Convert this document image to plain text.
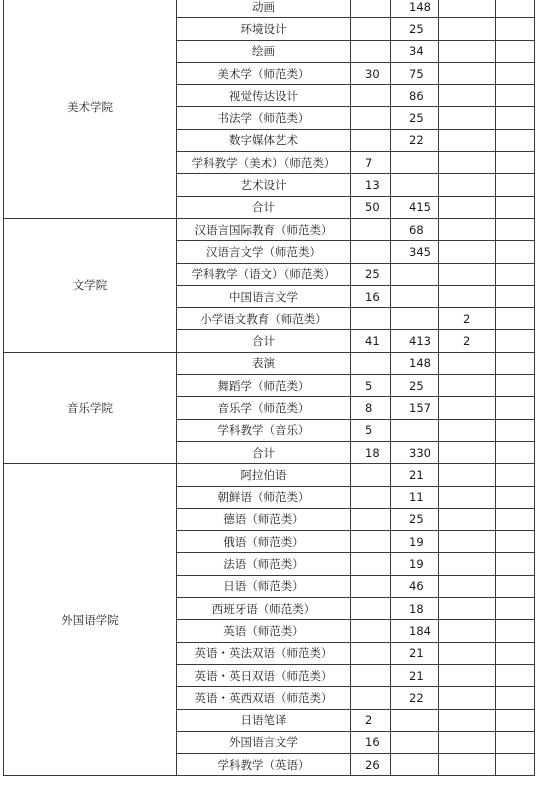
美术学院	动画		148		
	环境设计		25		
	绘画		34		
	美术学（师范类）	30	75		
	视觉传达设计		86		
	书法学（师范类）		25		
	数字媒体艺术		22		
	学科教学（美术）（师范类）	7			
	艺术设计	13			
	合计	50	415		
文学院	汉语言国际教育（师范类）		68		
	汉语言文学（师范类）		345		
	学科教学（语文）（师范类）	25			
	中国语言文学	16			
	小学语文教育（师范类）			2	
	合计	41	413	2	
音乐学院	表演		148		
	舞蹈学（师范类）	5	25		
	音乐学（师范类）	8	157		
	学科教学（音乐）	5			
	合计	18	330		
外国语学院	阿拉伯语		21		
	朝鲜语（师范类）		11		
	德语（师范类）		25		
	俄语（师范类）		19		
	法语（师范类）		19		
	日语（师范类）		46		
	西班牙语（师范类）		18		
	英语（师范类）		184		
	英语・英法双语（师范类）		21		
	英语・英日双语（师范类）		21		
	英语・英西双语（师范类）		22		
	日语笔译	2			
	外国语言文学	16			
	学科教学（英语）	26			
